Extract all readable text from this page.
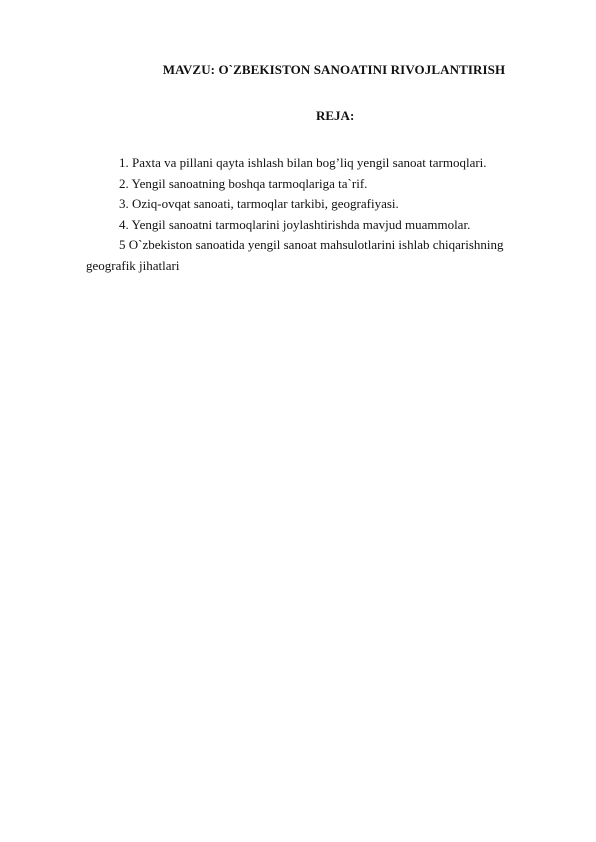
MAVZU: O`ZBEKISTON SANOATINI RIVOJLANTIRISH
REJA:
1. Paxta va pillani qayta ishlash bilan bog’liq yengil sanoat tarmoqlari.
2. Yengil sanoatning boshqa tarmoqlariga ta`rif.
3. Oziq-ovqat sanoati, tarmoqlar tarkibi, geografiyasi.
4. Yengil sanoatni tarmoqlarini joylashtirishda mavjud muammolar.
5 O`zbekiston sanoatida yengil sanoat mahsulotlarini ishlab chiqarishning geografik jihatlari
